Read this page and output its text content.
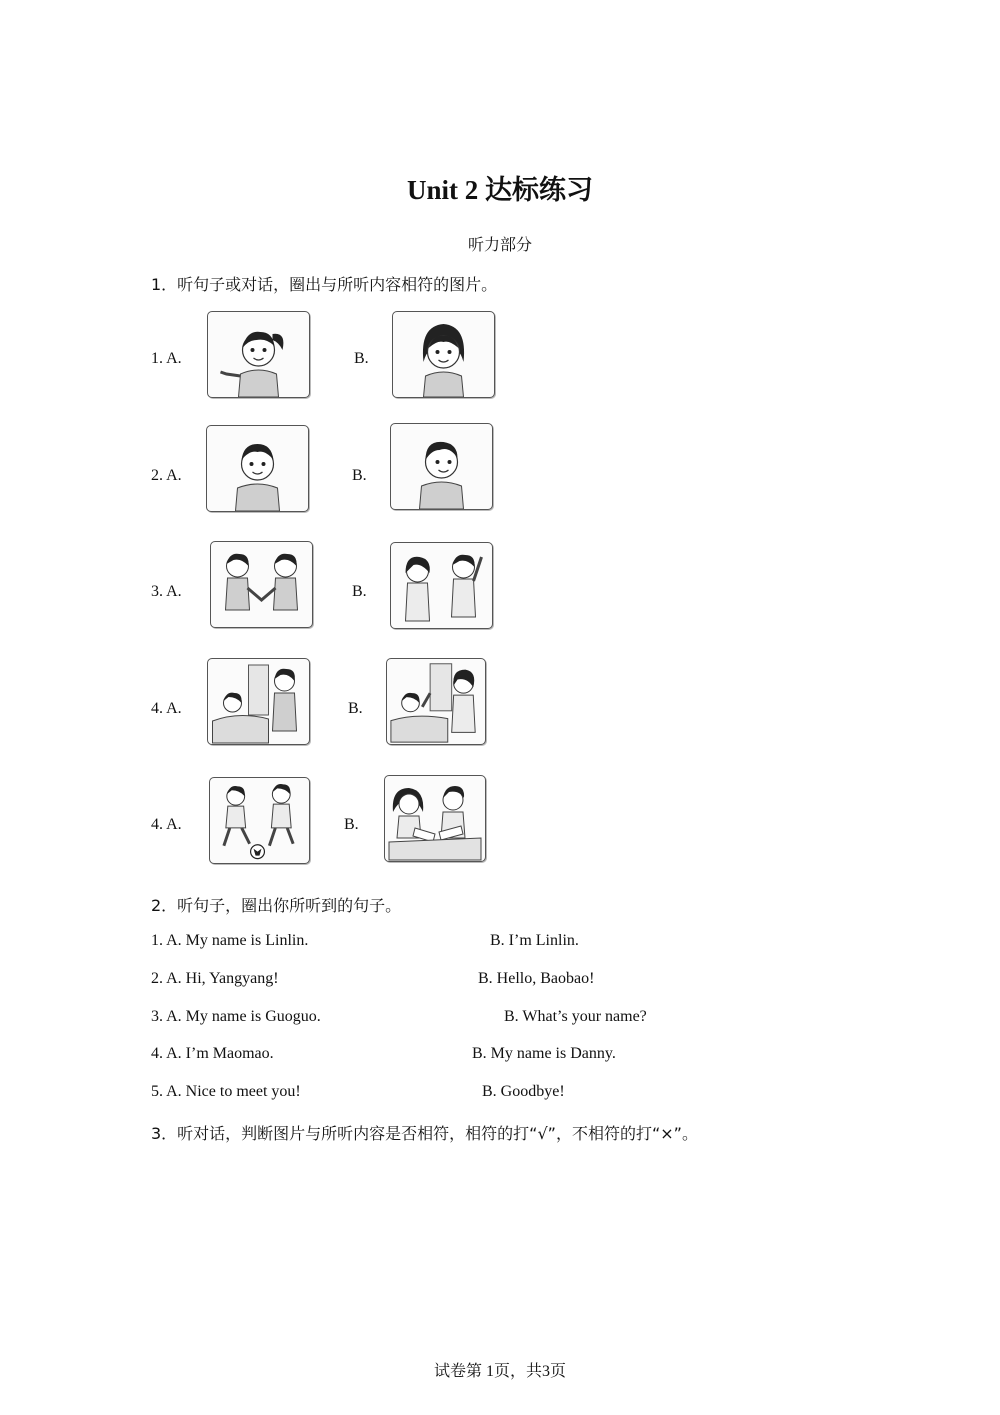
Unit 2 达标练习
听力部分
1．听句子或对话，圈出与所听内容相符的图片。
1. A.	B.
2. A.	B.
3. A.	B.
4. A.	B.
4. A.	B.
2．听句子，圈出你所听到的句子。
1. A. My name is Linlin.	B. I’m Linlin.
2. A. Hi, Yangyang!	B. Hello, Baobao!
3. A. My name is Guoguo.	B. What’s your name?
4. A. I’m Maomao.	B. My name is Danny.
5. A. Nice to meet you!	B. Goodbye!
3．听对话，判断图片与所听内容是否相符，相符的打“√”，不相符的打“×”。
试卷第 1页，共3页
